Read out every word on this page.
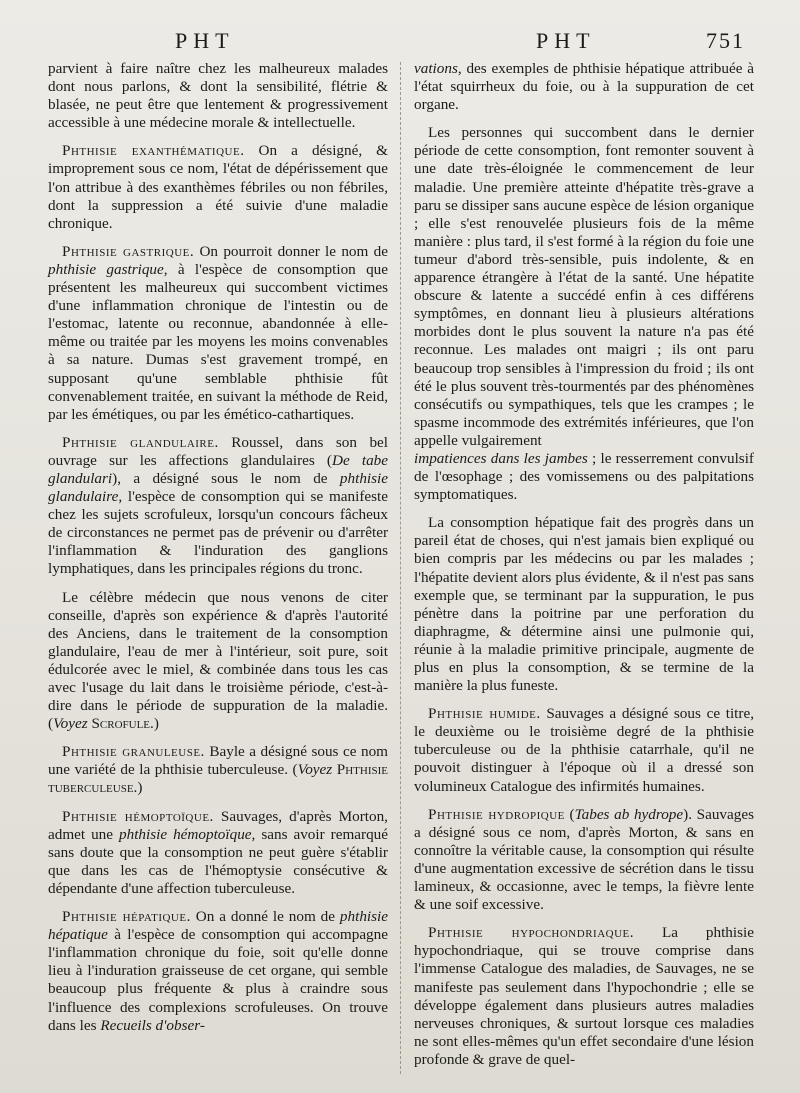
PHT	PHT	751

parvient à faire naître chez les malheureux malades dont nous parlons, & dont la sensibilité, flétrie & blasée, ne peut être que lentement & progressivement accessible à une médecine morale & intellectuelle.

Phthisie exanthématique. On a désigné, & improprement sous ce nom, l'état de dépérissement que l'on attribue à des exanthèmes fébriles ou non fébriles, dont la suppression a été suivie d'une maladie chronique.

Phthisie gastrique. On pourroit donner le nom de phthisie gastrique, à l'espèce de consomption que présentent les malheureux qui succombent victimes d'une inflammation chronique de l'intestin ou de l'estomac, latente ou reconnue, abandonnée à elle-même ou traitée par les moyens les moins convenables à sa nature. Dumas s'est gravement trompé, en supposant qu'une semblable phthisie fût convenablement traitée, en suivant la méthode de Reid, par les émétiques, ou par les émético-cathartiques.

Phthisie glandulaire. Roussel, dans son bel ouvrage sur les affections glandulaires (De tabe glandulari), a désigné sous le nom de phthisie glandulaire, l'espèce de consomption qui se manifeste chez les sujets scrofuleux, lorsqu'un concours fâcheux de circonstances ne permet pas de prévenir ou d'arrêter l'inflammation & l'induration des ganglions lymphatiques, dans les principales régions du tronc.

Le célèbre médecin que nous venons de citer conseille, d'après son expérience & d'après l'autorité des Anciens, dans le traitement de la consomption glandulaire, l'eau de mer à l'intérieur, soit pure, soit édulcorée avec le miel, & combinée dans tous les cas avec l'usage du lait dans le troisième période, c'est-à-dire dans le période de suppuration de la maladie. (Voyez Scrofule.)

Phthisie granuleuse. Bayle a désigné sous ce nom une variété de la phthisie tuberculeuse. (Voyez Phthisie tuberculeuse.)

Phthisie hémoptoïque. Sauvages, d'après Morton, admet une phthisie hémoptoïque, sans avoir remarqué sans doute que la consomption ne peut guère s'établir que dans les cas de l'hémoptysie consécutive & dépendante d'une affection tuberculeuse.

Phthisie hépatique. On a donné le nom de phthisie hépatique à l'espèce de consomption qui accompagne l'inflammation chronique du foie, soit qu'elle donne lieu à l'induration graisseuse de cet organe, qui semble beaucoup plus fréquente & plus à craindre sous l'influence des complexions scrofuleuses. On trouve dans les Recueils d'obser-

vations, des exemples de phthisie hépatique attribuée à l'état squirrheux du foie, ou à la suppuration de cet organe.

Les personnes qui succombent dans le dernier période de cette consomption, font remonter souvent à une date très-éloignée le commencement de leur maladie. Une première atteinte d'hépatite très-grave a paru se dissiper sans aucune espèce de lésion organique ; elle s'est renouvelée plusieurs fois de la même manière : plus tard, il s'est formé à la région du foie une tumeur d'abord très-sensible, puis indolente, & en apparence étrangère à l'état de la santé. Une hépatite obscure & latente a succédé enfin à ces différens symptômes, en donnant lieu à plusieurs altérations morbides dont le plus souvent la nature n'a pas été reconnue. Les malades ont maigri ; ils ont paru beaucoup trop sensibles à l'impression du froid ; ils ont été le plus souvent très-tourmentés par des phénomènes consécutifs ou sympathiques, tels que les crampes ; le spasme incommode des extrémités inférieures, que l'on appelle vulgairement

impatiences dans les jambes ; le resserrement convulsif de l'œsophage ; des vomissemens ou des palpitations symptomatiques.

La consomption hépatique fait des progrès dans un pareil état de choses, qui n'est jamais bien expliqué ou bien compris par les médecins ou par les malades ; l'hépatite devient alors plus évidente, & il n'est pas sans exemple que, se terminant par la suppuration, le pus pénètre dans la poitrine par une perforation du diaphragme, & détermine ainsi une pulmonie qui, réunie à la maladie primitive principale, augmente de plus en plus la consomption, & se termine de la manière la plus funeste.

Phthisie humide. Sauvages a désigné sous ce titre, le deuxième ou le troisième degré de la phthisie tuberculeuse ou de la phthisie catarrhale, qu'il ne pouvoit distinguer à l'époque où il a dressé son volumineux Catalogue des infirmités humaines.

Phthisie hydropique (Tabes ab hydrope). Sauvages a désigné sous ce nom, d'après Morton, & sans en connoître la véritable cause, la consomption qui résulte d'une augmentation excessive de sécrétion dans le tissu lamineux, & occasionne, avec le temps, la fièvre lente & une soif excessive.

Phthisie hypochondriaque. La phthisie hypochondriaque, qui se trouve comprise dans l'immense Catalogue des maladies, de Sauvages, ne se manifeste pas seulement dans l'hypochondrie ; elle se développe également dans plusieurs autres maladies nerveuses chroniques, & surtout lorsque ces maladies ne sont elles-mêmes qu'un effet secondaire d'une lésion profonde & grave de quel-
